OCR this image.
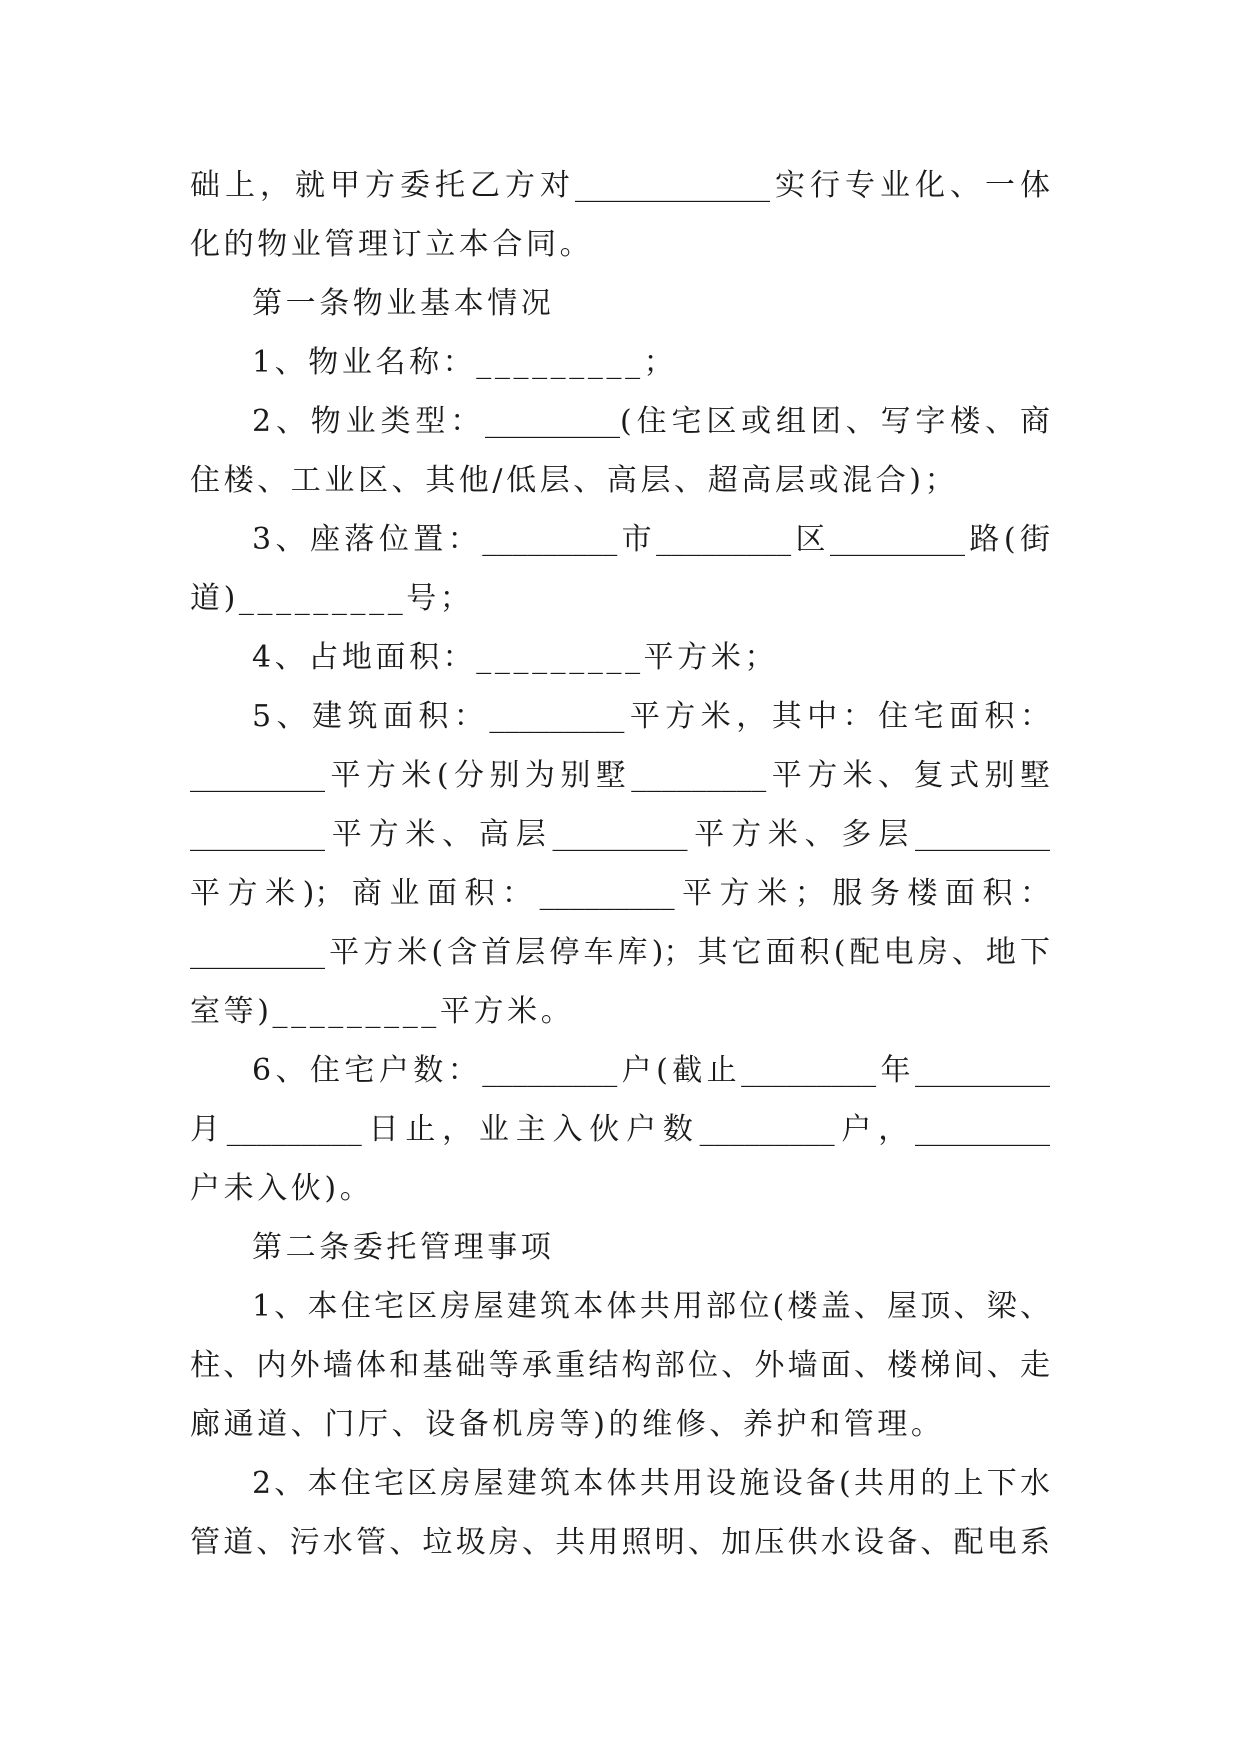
础上，就甲方委托乙方对_____________实行专业化、一体
化的物业管理订立本合同。
第一条物业基本情况
1、物业名称：_________；
2、物业类型：_________(住宅区或组团、写字楼、商
住楼、工业区、其他/低层、高层、超高层或混合)；
3、座落位置：_________市_________区_________路(街
道)_________号；
4、占地面积：_________平方米；
5、建筑面积：_________平方米，其中：住宅面积：
_________平方米(分别为别墅_________平方米、复式别墅
_________平方米、高层_________平方米、多层_________
平方米)；商业面积：_________平方米；服务楼面积：
_________平方米(含首层停车库)；其它面积(配电房、地下
室等)_________平方米。
6、住宅户数：_________户(截止_________年_________
月_________日止，业主入伙户数_________户，_________
户未入伙)。
第二条委托管理事项
1、本住宅区房屋建筑本体共用部位(楼盖、屋顶、梁、
柱、内外墙体和基础等承重结构部位、外墙面、楼梯间、走
廊通道、门厅、设备机房等)的维修、养护和管理。
2、本住宅区房屋建筑本体共用设施设备(共用的上下水
管道、污水管、垃圾房、共用照明、加压供水设备、配电系
